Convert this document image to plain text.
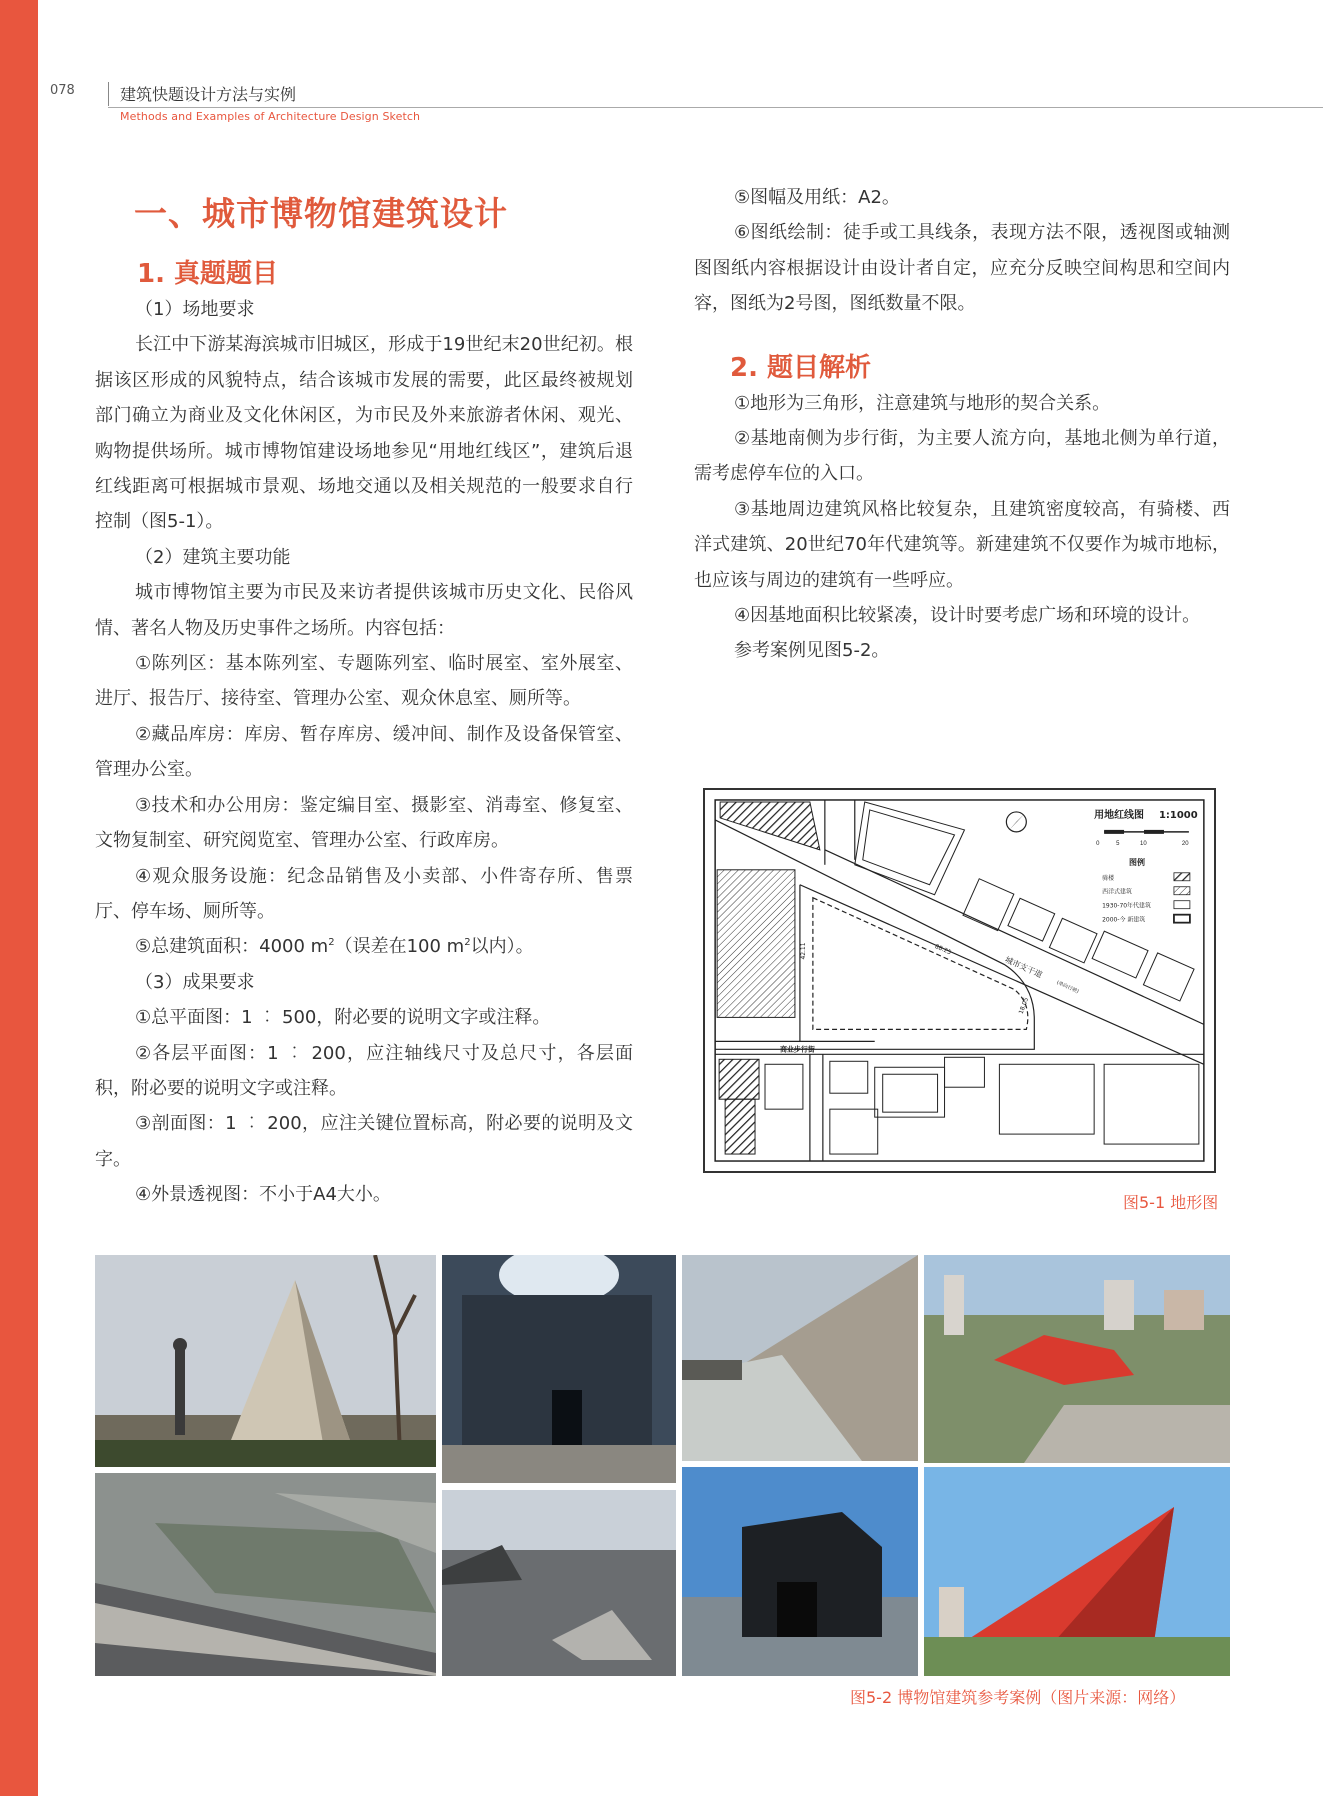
078	建筑快题设计方法与实例
Methods and Examples of Architecture Design Sketch
一、城市博物馆建筑设计

1. 真题题目

（1）场地要求

长江中下游某海滨城市旧城区，形成于19世纪末20世纪初。根据该区形成的风貌特点，结合该城市发展的需要，此区最终被规划部门确立为商业及文化休闲区，为市民及外来旅游者休闲、观光、购物提供场所。城市博物馆建设场地参见“用地红线区”，建筑后退红线距离可根据城市景观、场地交通以及相关规范的一般要求自行控制（图5-1）。

（2）建筑主要功能

城市博物馆主要为市民及来访者提供该城市历史文化、民俗风情、著名人物及历史事件之场所。内容包括：

①陈列区：基本陈列室、专题陈列室、临时展室、室外展室、进厅、报告厅、接待室、管理办公室、观众休息室、厕所等。

②藏品库房：库房、暂存库房、缓冲间、制作及设备保管室、管理办公室。

③技术和办公用房：鉴定编目室、摄影室、消毒室、修复室、文物复制室、研究阅览室、管理办公室、行政库房。

④观众服务设施：纪念品销售及小卖部、小件寄存所、售票厅、停车场、厕所等。

⑤总建筑面积：4000 $m^2$（误差在100 $m^2$以内）。

（3）成果要求

①总平面图：1 ︰ 500，附必要的说明文字或注释。

②各层平面图：1 ︰ 200，应注轴线尺寸及总尺寸，各层面积，附必要的说明文字或注释。

③剖面图：1 ︰ 200，应注关键位置标高，附必要的说明及文字。

④外景透视图：不小于A4大小。

⑤图幅及用纸：A2。

⑥图纸绘制：徒手或工具线条，表现方法不限，透视图或轴测图图纸内容根据设计由设计者自定，应充分反映空间构思和空间内容，图纸为2号图，图纸数量不限。

2. 题目解析

①地形为三角形，注意建筑与地形的契合关系。

②基地南侧为步行街，为主要人流方向，基地北侧为单行道，需考虑停车位的入口。

③基地周边建筑风格比较复杂，且建筑密度较高，有骑楼、西洋式建筑、20世纪70年代建筑等。新建建筑不仅要作为城市地标，也应该与周边的建筑有一些呼应。

④因基地面积比较紧凑，设计时要考虑广场和环境的设计。

参考案例见图5-2。

0	5	10	20
用地红线图 1:1000
图例
骑楼
西洋式建筑
1930-70年代建筑
2000-今 新建筑
城市支干道
(单向行驶)
商业步行街
88.25
42.11
18.05
图5-1 地形图
图5-2 博物馆建筑参考案例（图片来源：网络）
